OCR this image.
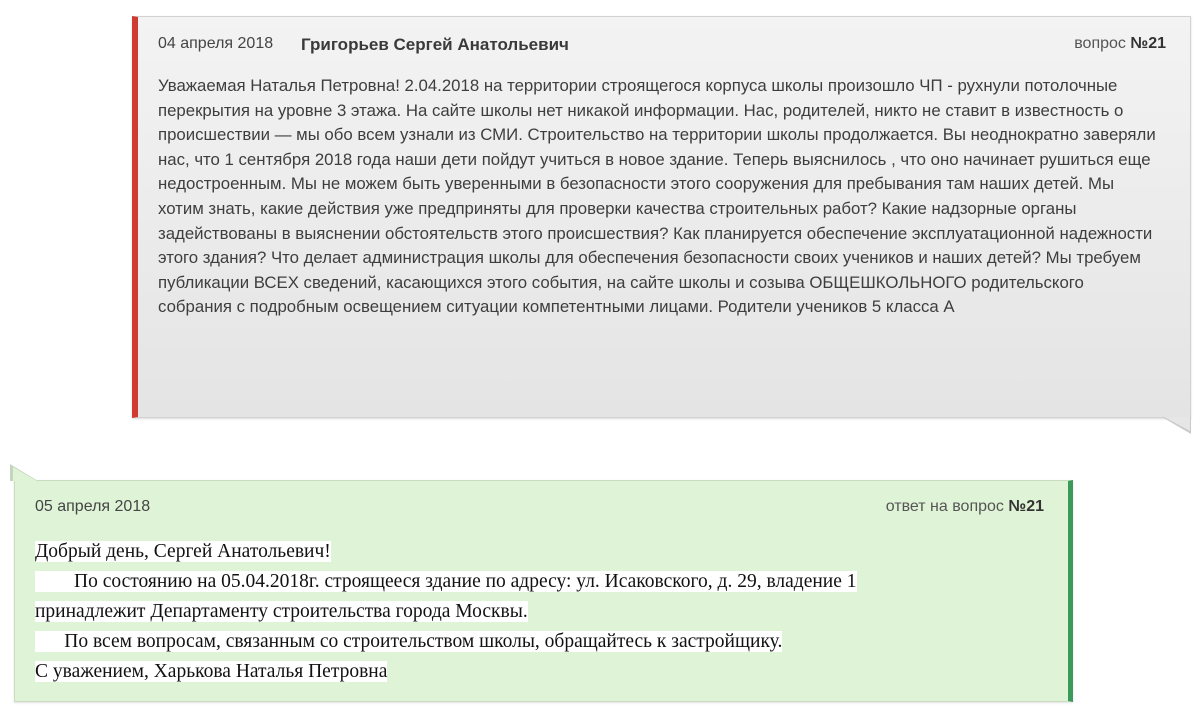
04 апреля 2018 Григорьев Сергей Анатольевич	вопрос №21
Уважаемая Наталья Петровна! 2.04.2018 на территории строящегося корпуса школы произошло ЧП - рухнули потолочные перекрытия на уровне 3 этажа. На сайте школы нет никакой информации. Нас, родителей, никто не ставит в известность о происшествии — мы обо всем узнали из СМИ. Строительство на территории школы продолжается. Вы неоднократно заверяли нас, что 1 сентября 2018 года наши дети пойдут учиться в новое здание. Теперь выяснилось , что оно начинает рушиться еще недостроенным. Мы не можем быть уверенными в безопасности этого сооружения для пребывания там наших детей. Мы хотим знать, какие действия уже предприняты для проверки качества строительных работ? Какие надзорные органы задействованы в выяснении обстоятельств этого происшествия? Как планируется обеспечение эксплуатационной надежности этого здания? Что делает администрация школы для обеспечения безопасности своих учеников и наших детей? Мы требуем публикации ВСЕХ сведений, касающихся этого события, на сайте школы и созыва ОБЩЕШКОЛЬНОГО родительского собрания с подробным освещением ситуации компетентными лицами. Родители учеников 5 класса А
05 апреля 2018	ответ на вопрос №21
Добрый день, Сергей Анатольевич!
По состоянию на 05.04.2018г. строящееся здание по адресу: ул. Исаковского, д. 29, владение 1
принадлежит Департаменту строительства города Москвы.
По всем вопросам, связанным со строительством школы, обращайтесь к застройщику.
С уважением, Харькова Наталья Петровна
